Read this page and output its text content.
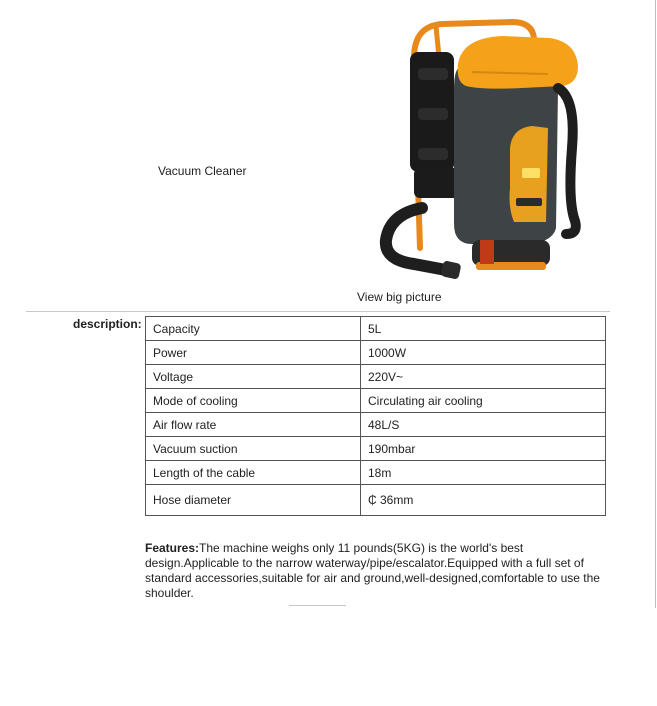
Vacuum Cleaner
View big picture
description: Capacity	5L
Power	1000W
Voltage	220V~
Mode of cooling	Circulating air cooling
Air flow rate	48L/S
Vacuum suction	190mbar
Length of the cable	18m
Hose diameter	₵ 36mm
Features:The machine weighs only 11 pounds(5KG) is the world's best design.Applicable to the narrow waterway/pipe/escalator.Equipped with a full set of standard accessories,suitable for air and ground,well-designed,comfortable to use the shoulder.
